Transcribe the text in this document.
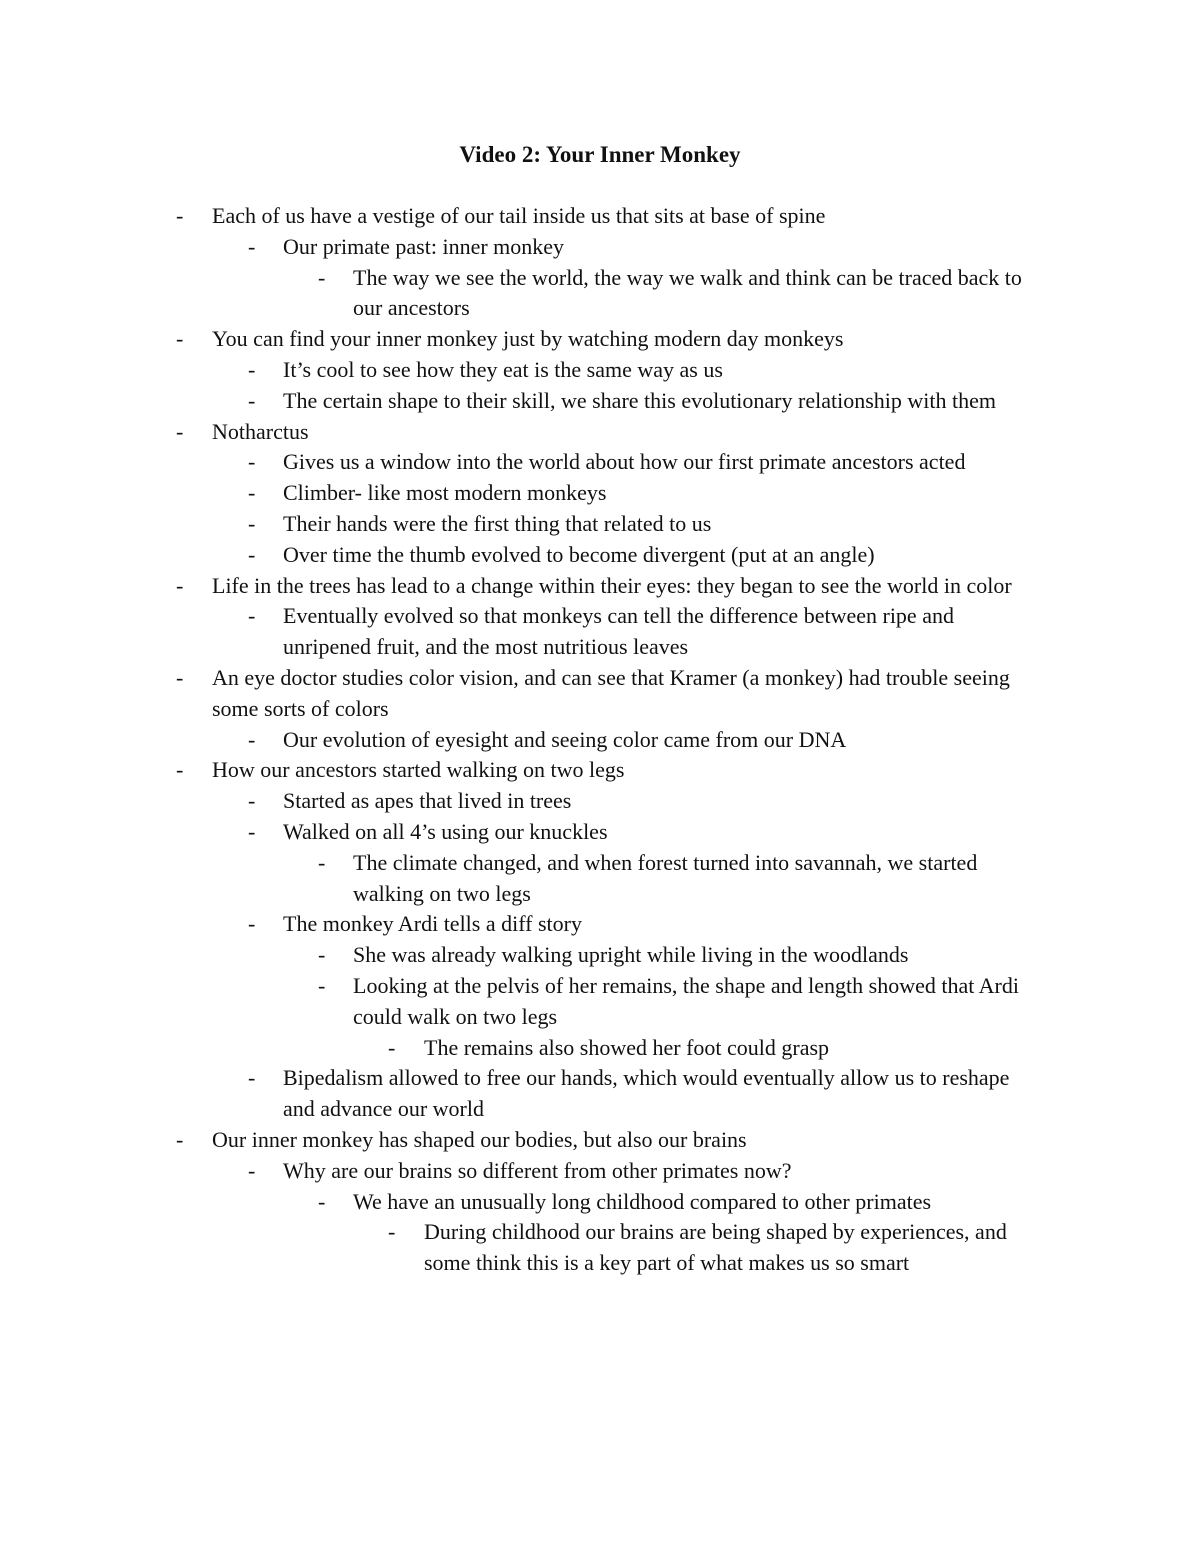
Video 2: Your Inner Monkey
- Each of us have a vestige of our tail inside us that sits at base of spine
- Our primate past: inner monkey
- The way we see the world, the way we walk and think can be traced back to our ancestors
- You can find your inner monkey just by watching modern day monkeys
- It’s cool to see how they eat is the same way as us
- The certain shape to their skill, we share this evolutionary relationship with them
- Notharctus
- Gives us a window into the world about how our first primate ancestors acted
- Climber- like most modern monkeys
- Their hands were the first thing that related to us
- Over time the thumb evolved to become divergent (put at an angle)
- Life in the trees has lead to a change within their eyes: they began to see the world in color
- Eventually evolved so that monkeys can tell the difference between ripe and unripened fruit, and the most nutritious leaves
- An eye doctor studies color vision, and can see that Kramer (a monkey) had trouble seeing some sorts of colors
- Our evolution of eyesight and seeing color came from our DNA
- How our ancestors started walking on two legs
- Started as apes that lived in trees
- Walked on all 4’s using our knuckles
- The climate changed, and when forest turned into savannah, we started walking on two legs
- The monkey Ardi tells a diff story
- She was already walking upright while living in the woodlands
- Looking at the pelvis of her remains, the shape and length showed that Ardi could walk on two legs
- The remains also showed her foot could grasp
- Bipedalism allowed to free our hands, which would eventually allow us to reshape and advance our world
- Our inner monkey has shaped our bodies, but also our brains
- Why are our brains so different from other primates now?
- We have an unusually long childhood compared to other primates
- During childhood our brains are being shaped by experiences, and some think this is a key part of what makes us so smart
